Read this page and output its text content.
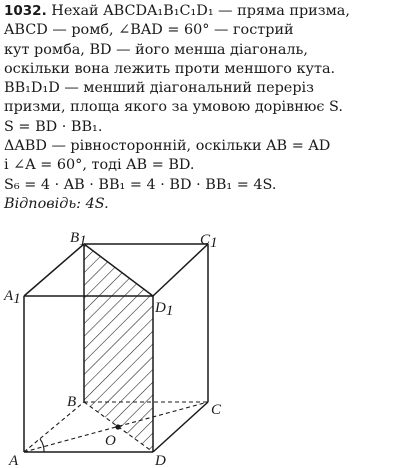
1032. Нехай ABCDA₁B₁C₁D₁ — пряма призма,
ABCD — ромб, ∠BAD = 60° — гострий
кут ромба, BD — його менша діагональ,
оскільки вона лежить проти меншого кута.
BB₁D₁D — менший діагональний переріз
призми, площа якого за умовою дорівнює S.
S = BD · BB₁.
ΔABD — рівносторонній, оскільки AB = AD
і ∠A = 60°, тоді AB = BD.
S₆ = 4 · AB · BB₁ = 4 · BD · BB₁ = 4S.
Відповідь: 4S.
B1	C1
A1
D1
B	C
O
A	D
